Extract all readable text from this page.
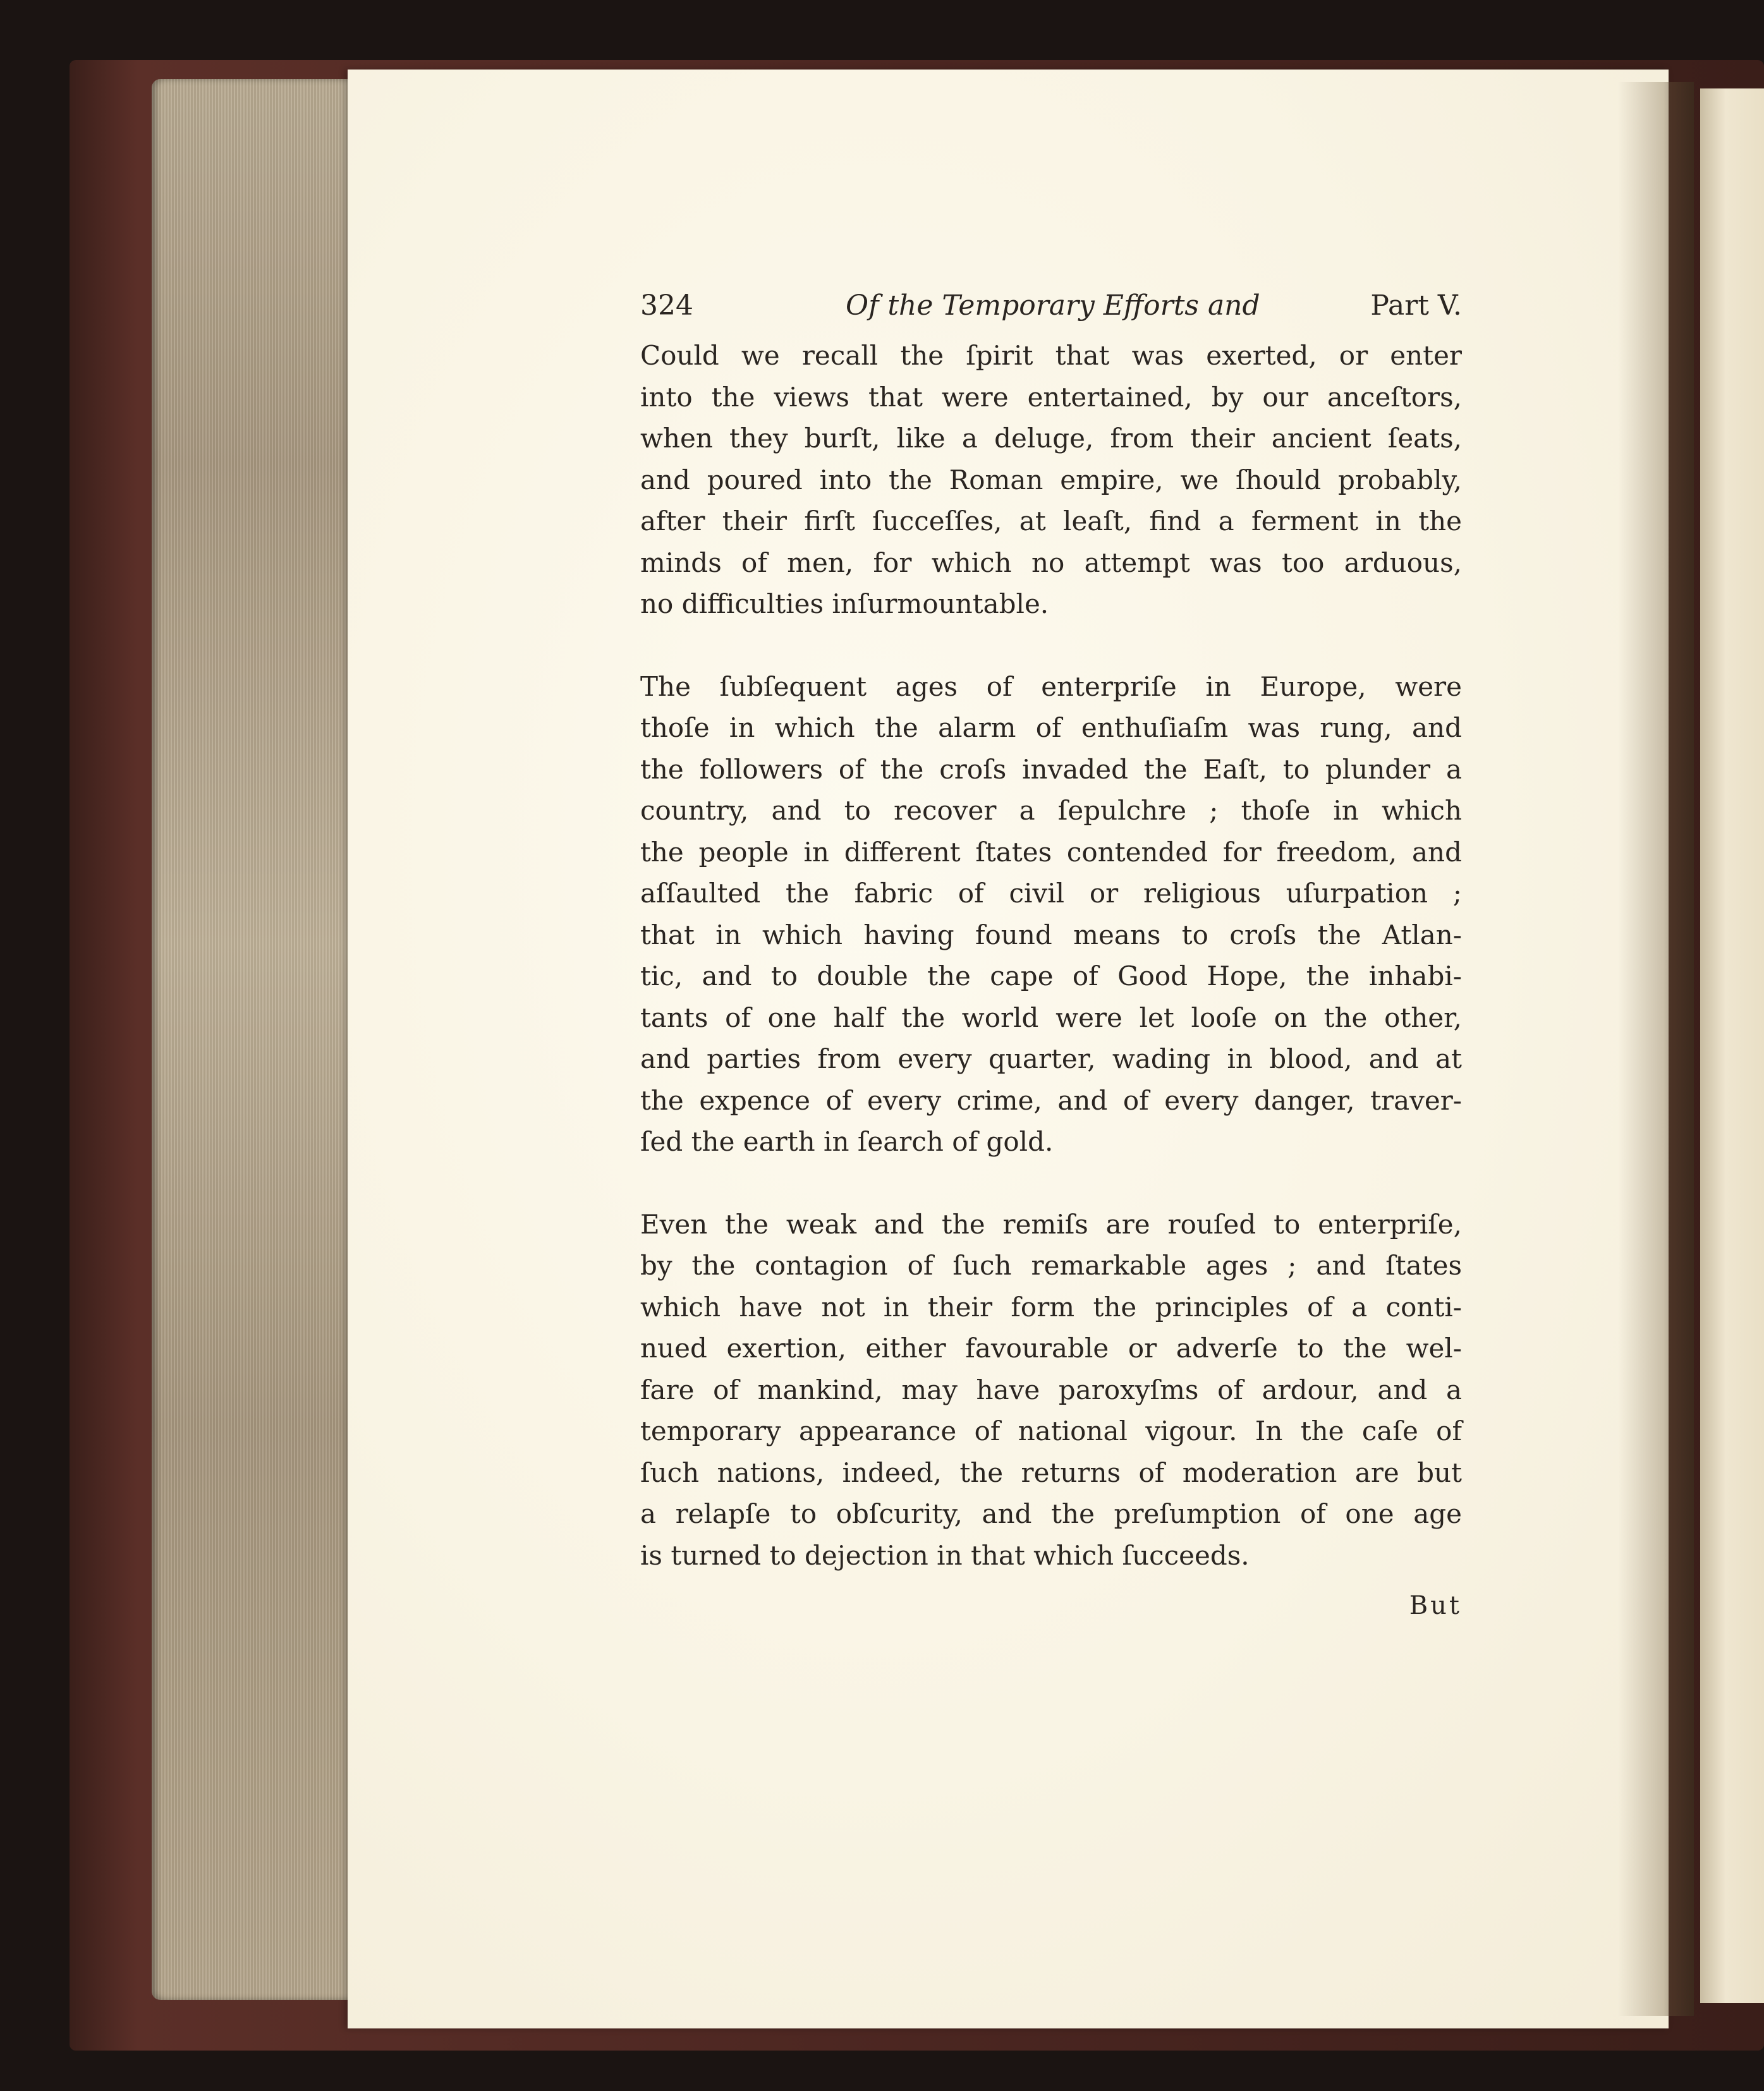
324	Of the Temporary Efforts and	Part V.
Could we recall the ſpirit that was exerted, or enter
into the views that were entertained, by our anceſtors,
when they burſt, like a deluge, from their ancient ſeats,
and poured into the Roman empire, we ſhould probably,
after their firſt ſucceſſes, at leaſt, find a ferment in the
minds of men, for which no attempt was too arduous,
no difficulties inſurmountable.
The ſubſequent ages of enterpriſe in Europe, were
thoſe in which the alarm of enthuſiaſm was rung, and
the followers of the croſs invaded the Eaſt, to plunder a
country, and to recover a ſepulchre ; thoſe in which
the people in different ſtates contended for freedom, and
aſſaulted the fabric of civil or religious uſurpation ;
that in which having found means to croſs the Atlan-
tic, and to double the cape of Good Hope, the inhabi-
tants of one half the world were let looſe on the other,
and parties from every quarter, wading in blood, and at
the expence of every crime, and of every danger, traver-
ſed the earth in ſearch of gold.
Even the weak and the remiſs are rouſed to enterpriſe,
by the contagion of ſuch remarkable ages ; and ſtates
which have not in their form the principles of a conti-
nued exertion, either favourable or adverſe to the wel-
fare of mankind, may have paroxyſms of ardour, and a
temporary appearance of national vigour. In the caſe of
ſuch nations, indeed, the returns of moderation are but
a relapſe to obſcurity, and the preſumption of one age
is turned to dejection in that which ſucceeds.
But
